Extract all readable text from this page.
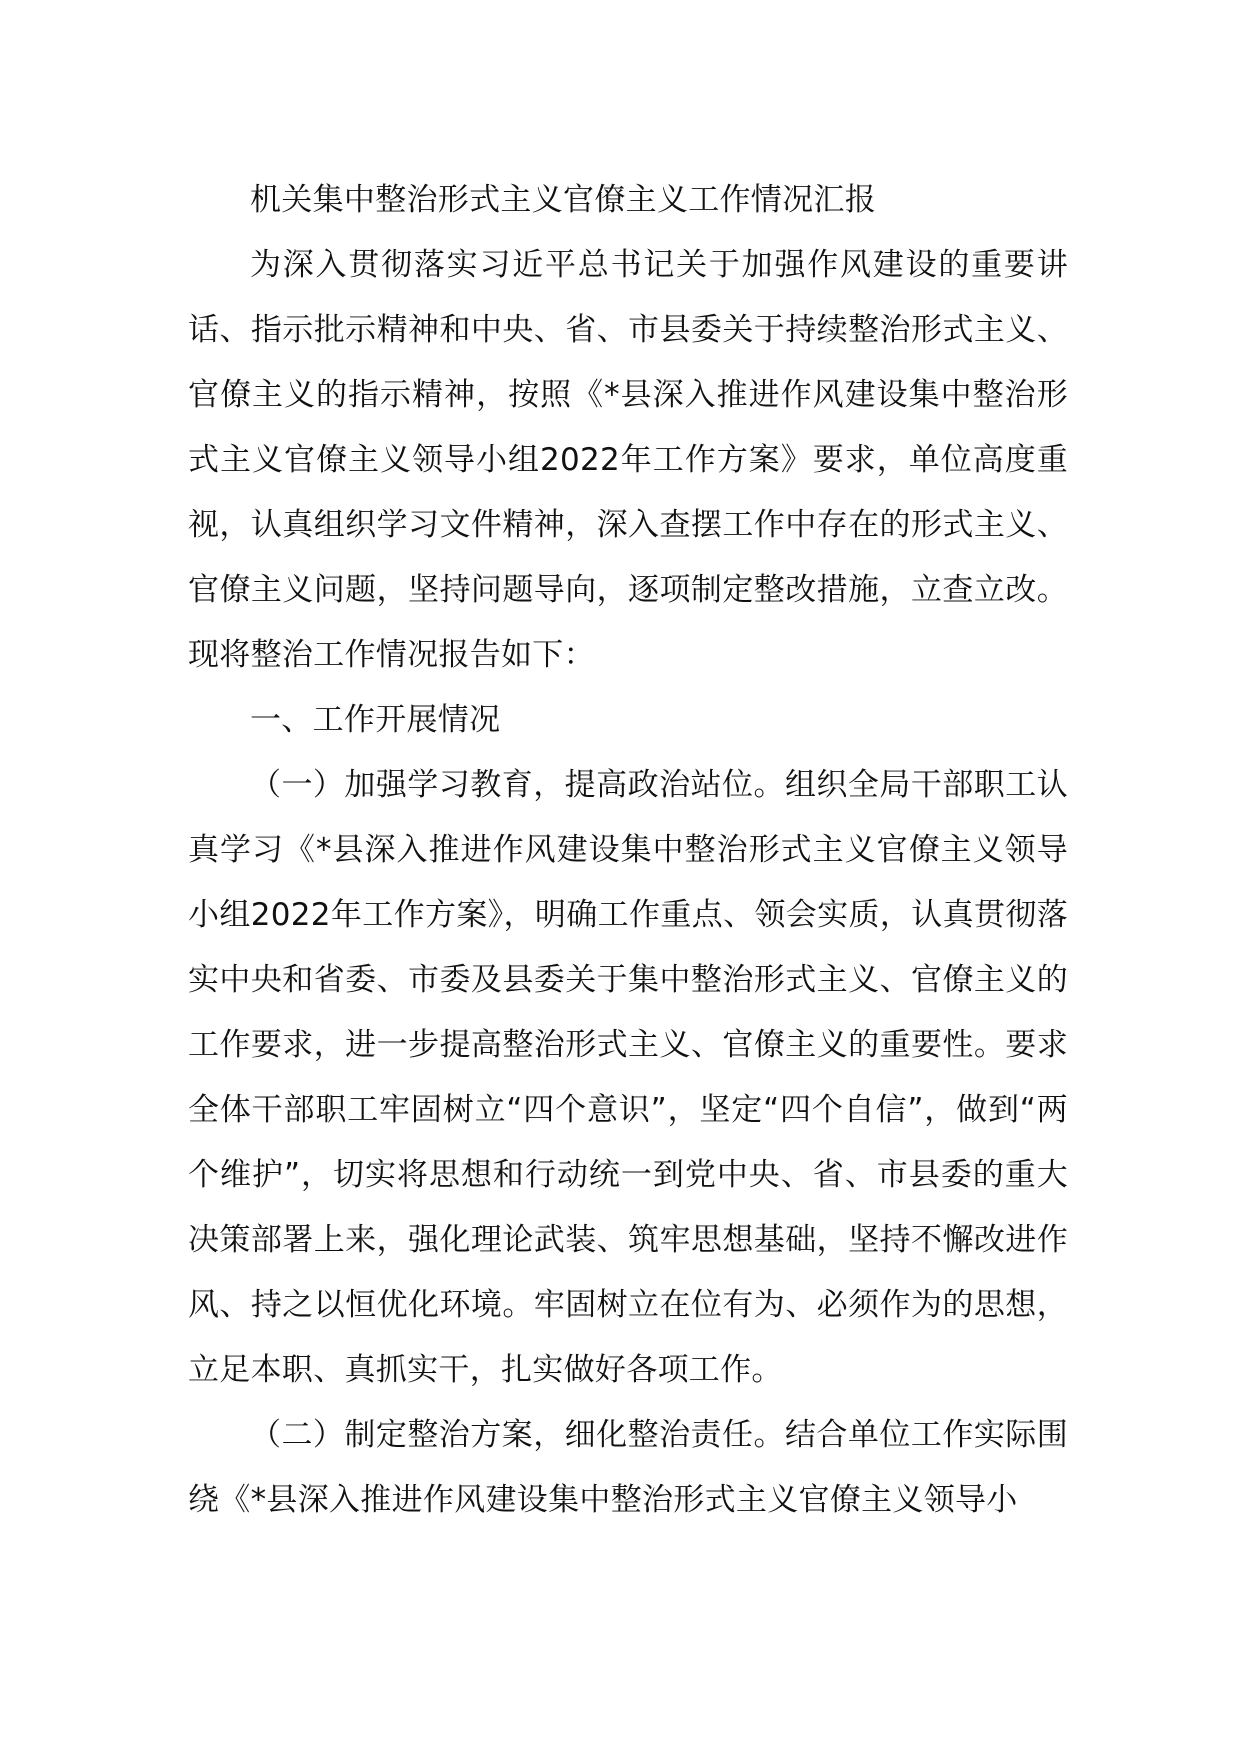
机关集中整治形式主义官僚主义工作情况汇报

为深入贯彻落实习近平总书记关于加强作风建设的重要讲话、指示批示精神和中央、省、市县委关于持续整治形式主义、官僚主义的指示精神，按照《*县深入推进作风建设集中整治形式主义官僚主义领导小组2022年工作方案》要求，单位高度重视，认真组织学习文件精神，深入查摆工作中存在的形式主义、官僚主义问题，坚持问题导向，逐项制定整改措施，立查立改。现将整治工作情况报告如下：

一、工作开展情况

（一）加强学习教育，提高政治站位。组织全局干部职工认真学习《*县深入推进作风建设集中整治形式主义官僚主义领导小组2022年工作方案》，明确工作重点、领会实质，认真贯彻落实中央和省委、市委及县委关于集中整治形式主义、官僚主义的工作要求，进一步提高整治形式主义、官僚主义的重要性。要求全体干部职工牢固树立“四个意识”，坚定“四个自信”，做到“两个维护”，切实将思想和行动统一到党中央、省、市县委的重大决策部署上来，强化理论武装、筑牢思想基础，坚持不懈改进作风、持之以恒优化环境。牢固树立在位有为、必须作为的思想，立足本职、真抓实干，扎实做好各项工作。

（二）制定整治方案，细化整治责任。结合单位工作实际围绕《*县深入推进作风建设集中整治形式主义官僚主义领导小
